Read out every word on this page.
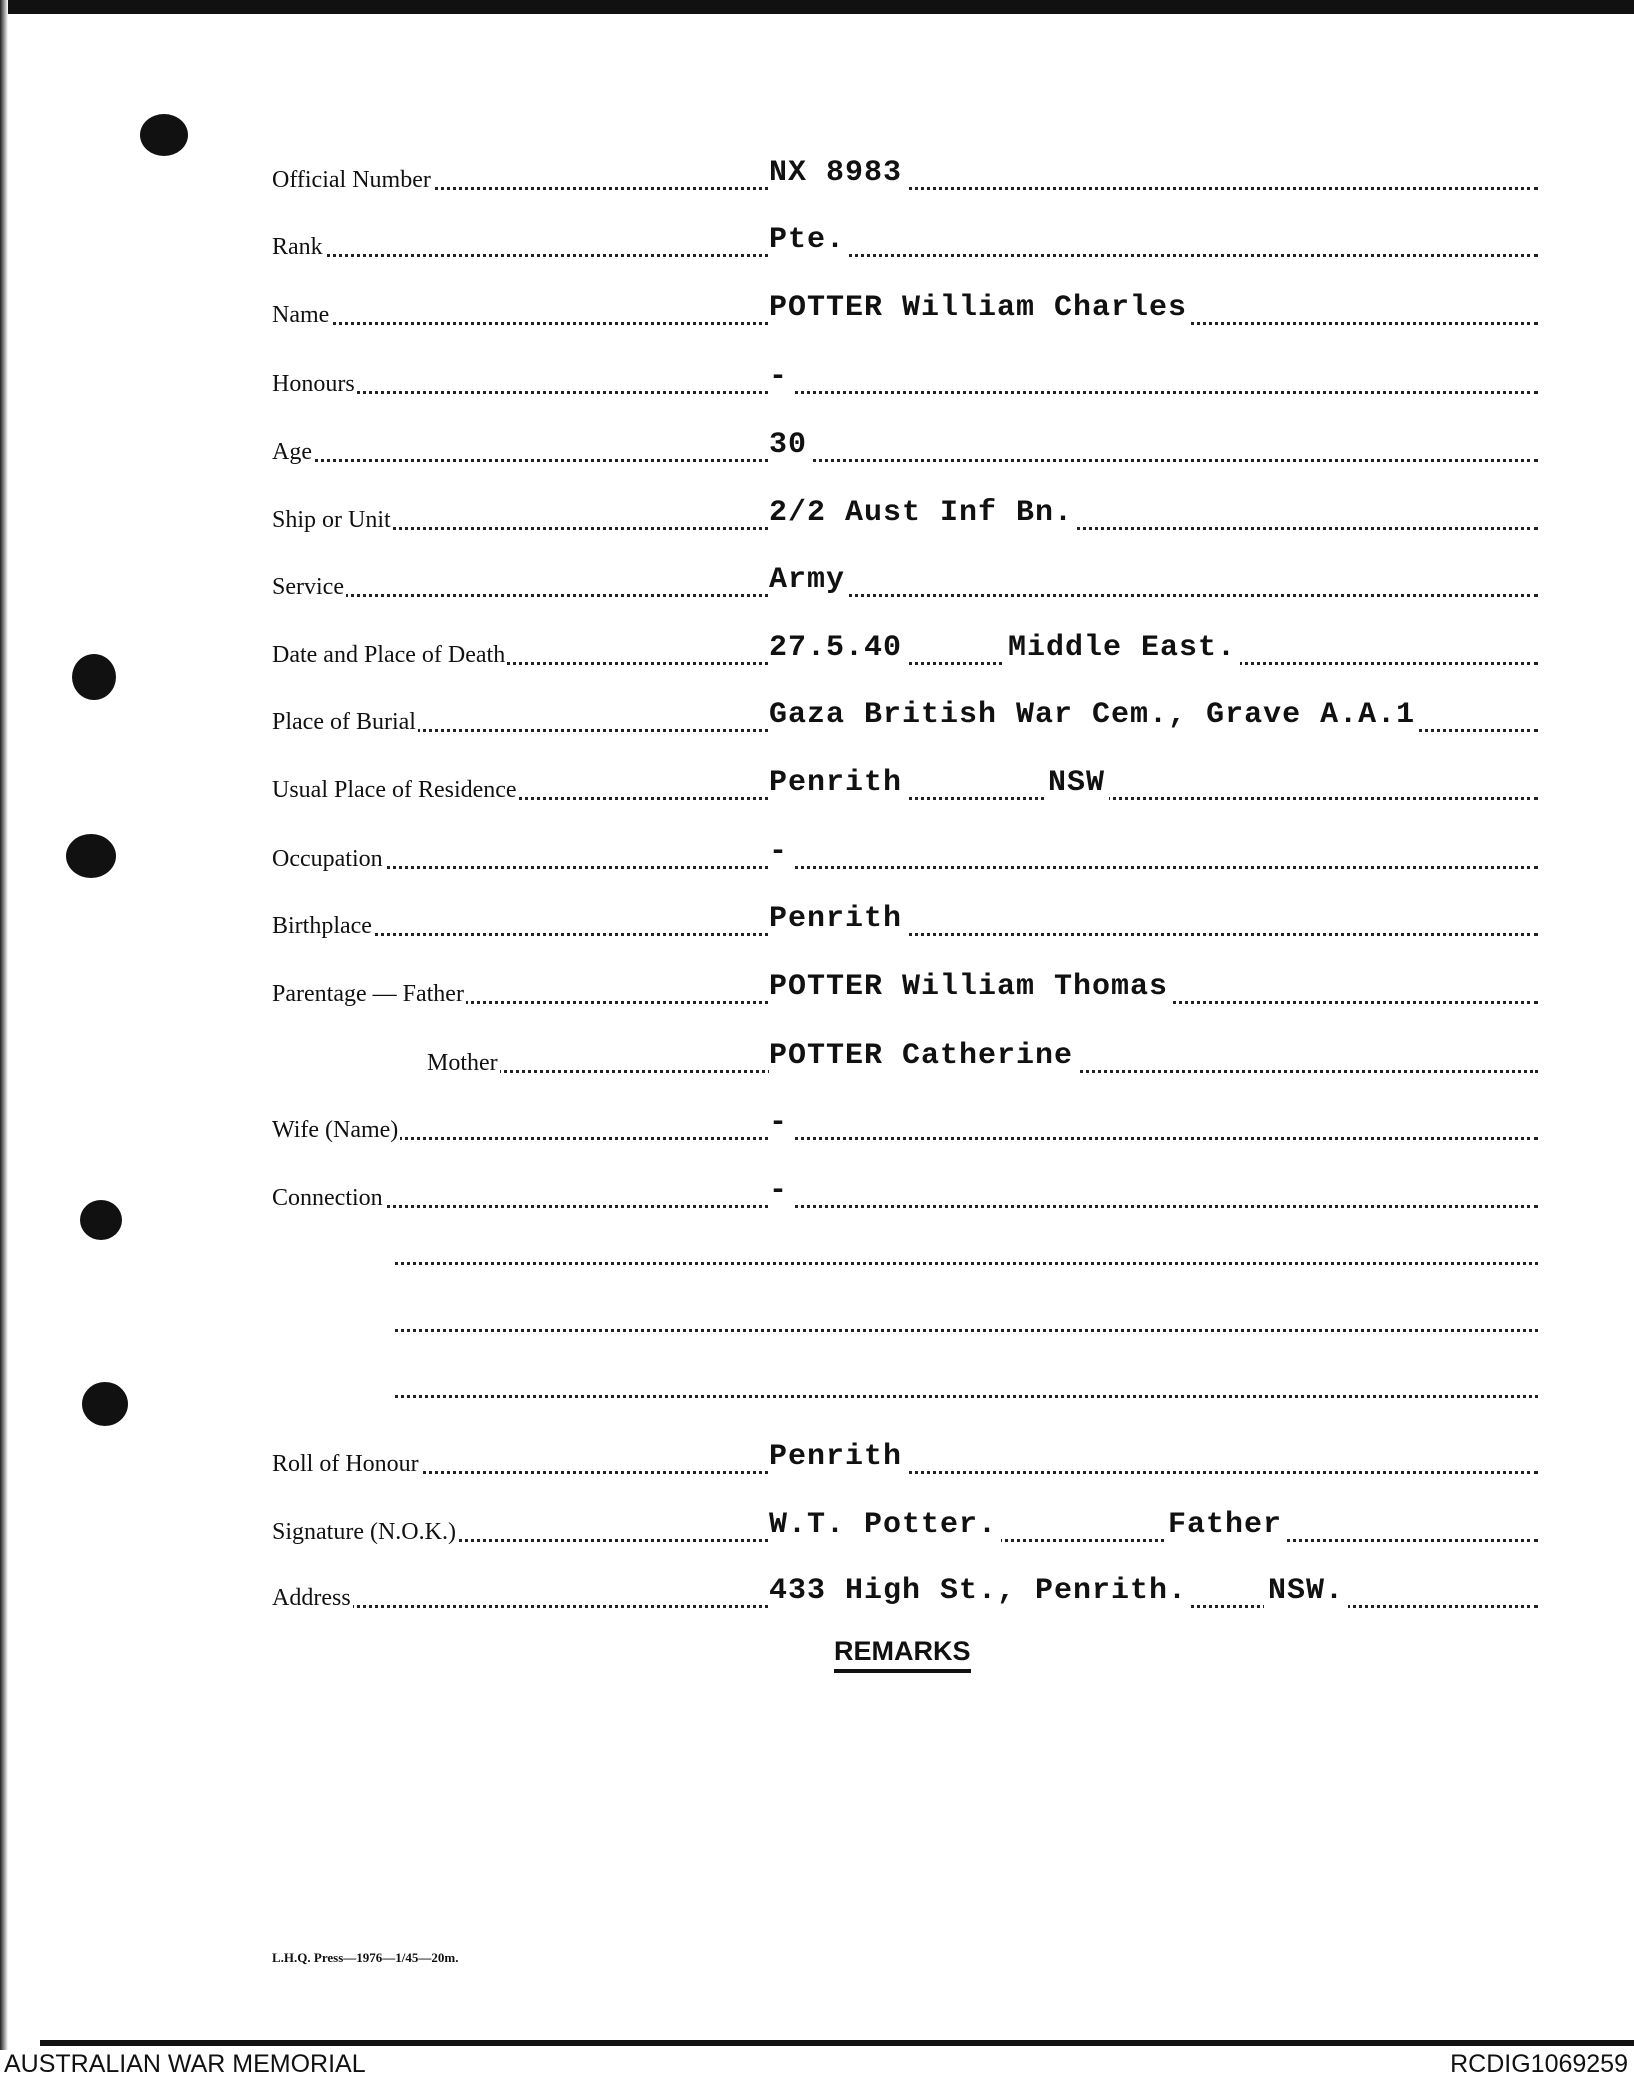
Official Number	NX 8983
Rank	Pte.
Name	POTTER William Charles
Honours	-
Age	30
Ship or Unit	2/2 Aust Inf Bn.
Service	Army
Date and Place of Death	27.5.40	Middle East.
Place of Burial	Gaza British War Cem., Grave A.A.1
Usual Place of Residence	Penrith	NSW
Occupation	-
Birthplace	Penrith
Parentage — Father	POTTER William Thomas
Mother	POTTER Catherine
Wife (Name)	-
Connection	-
Roll of Honour	Penrith
Signature (N.O.K.)	W.T. Potter.	Father
Address	433 High St., Penrith.	NSW.
REMARKS
L.H.Q. Press—1976—1/45—20m.
AUSTRALIAN WAR MEMORIAL	RCDIG1069259
